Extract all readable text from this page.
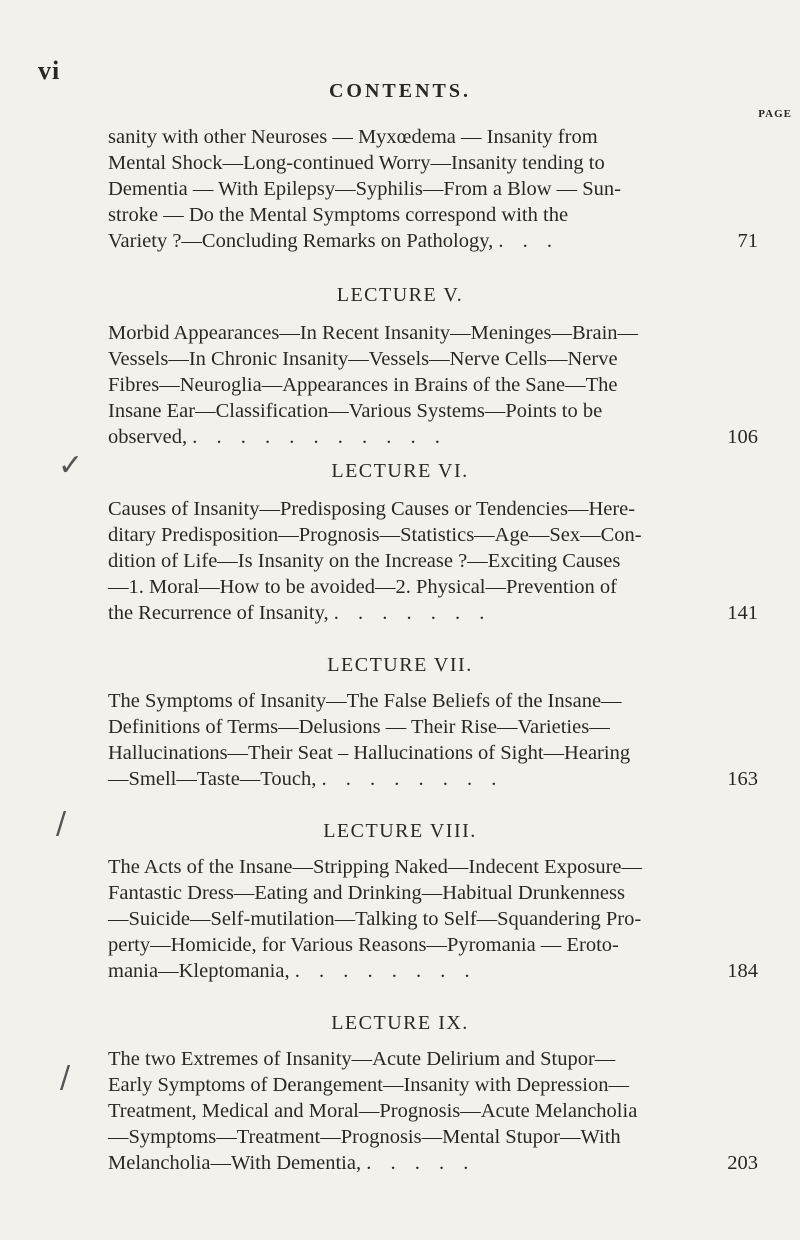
vi
CONTENTS.
PAGE
sanity with other Neuroses — Myxœdema — Insanity from
Mental Shock—Long-continued Worry—Insanity tending to
Dementia — With Epilepsy—Syphilis—From a Blow — Sun-
stroke — Do the Mental Symptoms correspond with the
Variety ?—Concluding Remarks on Pathology, . . .	71
LECTURE V.
Morbid Appearances—In Recent Insanity—Meninges—Brain—
Vessels—In Chronic Insanity—Vessels—Nerve Cells—Nerve
Fibres—Neuroglia—Appearances in Brains of the Sane—The
Insane Ear—Classification—Various Systems—Points to be
observed, . . . . . . . . . . .	106
✓	LECTURE VI.
Causes of Insanity—Predisposing Causes or Tendencies—Here-
ditary Predisposition—Prognosis—Statistics—Age—Sex—Con-
dition of Life—Is Insanity on the Increase ?—Exciting Causes
—1. Moral—How to be avoided—2. Physical—Prevention of
the Recurrence of Insanity, . . . . . . .	141
LECTURE VII.
The Symptoms of Insanity—The False Beliefs of the Insane—
Definitions of Terms—Delusions — Their Rise—Varieties—
Hallucinations—Their Seat – Hallucinations of Sight—Hearing
—Smell—Taste—Touch, . . . . . . . .	163
/	LECTURE VIII.
The Acts of the Insane—Stripping Naked—Indecent Exposure—
Fantastic Dress—Eating and Drinking—Habitual Drunkenness
—Suicide—Self-mutilation—Talking to Self—Squandering Pro-
perty—Homicide, for Various Reasons—Pyromania — Eroto-
mania—Kleptomania, . . . . . . . .	184
LECTURE IX.
/
The two Extremes of Insanity—Acute Delirium and Stupor—
Early Symptoms of Derangement—Insanity with Depression—
Treatment, Medical and Moral—Prognosis—Acute Melancholia
—Symptoms—Treatment—Prognosis—Mental Stupor—With
Melancholia—With Dementia, . . . . .	203
